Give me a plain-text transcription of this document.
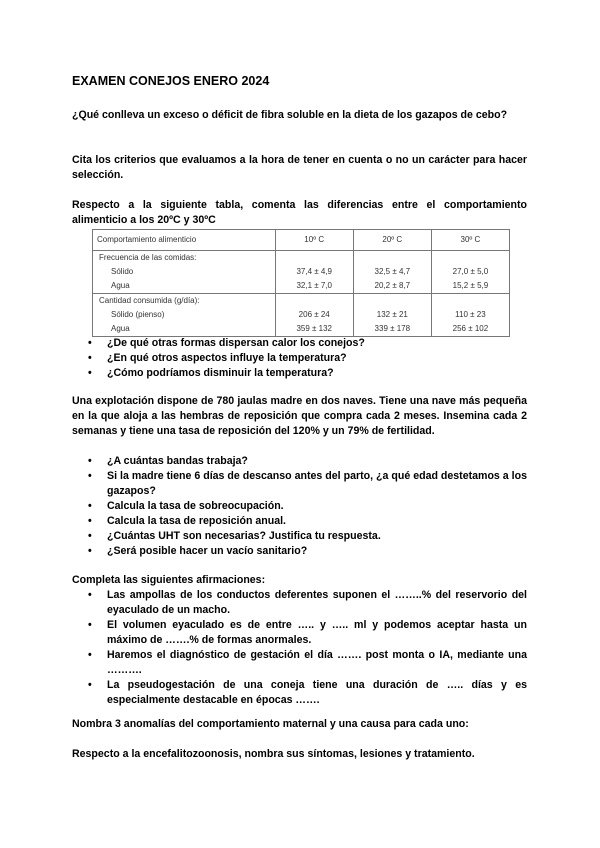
EXAMEN CONEJOS ENERO 2024

¿Qué conlleva un exceso o déficit de fibra soluble en la dieta de los gazapos de cebo?

Cita los criterios que evaluamos a la hora de tener en cuenta o no un carácter para hacer selección.

Respecto a la siguiente tabla, comenta las diferencias entre el comportamiento alimenticio a los 20ºC y 30ºC

Comportamiento alimenticio	10º C	20º C	30º C
Frecuencia de las comidas:			
Sólido	37,4 ± 4,9	32,5 ± 4,7	27,0 ± 5,0
Agua	32,1 ± 7,0	20,2 ± 8,7	15,2 ± 5,9
Cantidad consumida (g/día):			
Sólido (pienso)	206 ± 24	132 ± 21	110 ± 23
Agua	359 ± 132	339 ± 178	256 ± 102
• ¿De qué otras formas dispersan calor los conejos?
• ¿En qué otros aspectos influye la temperatura?
• ¿Cómo podríamos disminuir la temperatura?

Una explotación dispone de 780 jaulas madre en dos naves. Tiene una nave más pequeña en la que aloja a las hembras de reposición que compra cada 2 meses. Insemina cada 2 semanas y tiene una tasa de reposición del 120% y un 79% de fertilidad.

• ¿A cuántas bandas trabaja?
• Si la madre tiene 6 días de descanso antes del parto, ¿a qué edad destetamos a los gazapos?
• Calcula la tasa de sobreocupación.
• Calcula la tasa de reposición anual.
• ¿Cuántas UHT son necesarias? Justifica tu respuesta.
• ¿Será posible hacer un vacío sanitario?

Completa las siguientes afirmaciones:

• Las ampollas de los conductos deferentes suponen el ……..% del reservorio del eyaculado de un macho.
• El volumen eyaculado es de entre ….. y ….. ml y podemos aceptar hasta un máximo de …….% de formas anormales.
• Haremos el diagnóstico de gestación el día ……. post monta o IA, mediante una ……….
• La pseudogestación de una coneja tiene una duración de ….. días y es especialmente destacable en épocas …….

Nombra 3 anomalías del comportamiento maternal y una causa para cada uno:

Respecto a la encefalitozoonosis, nombra sus síntomas, lesiones y tratamiento.
